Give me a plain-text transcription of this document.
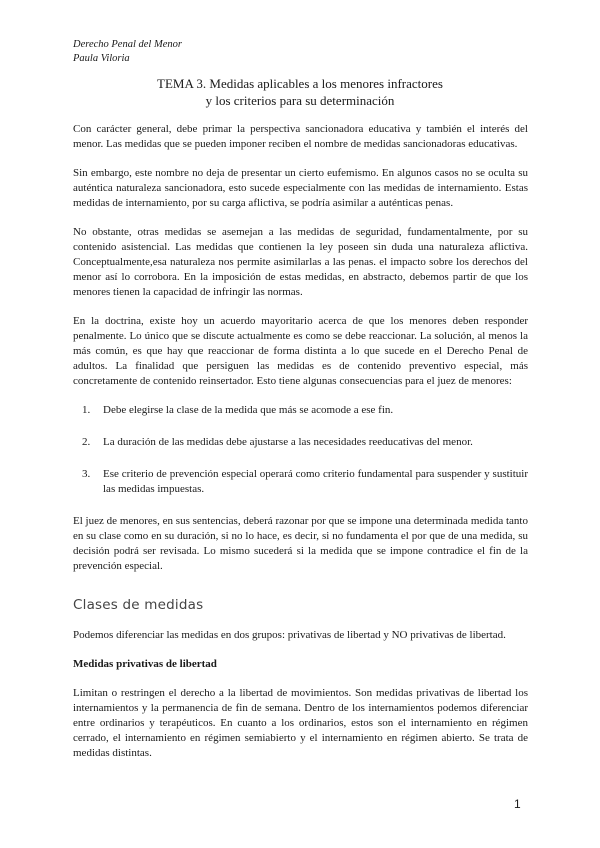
Derecho Penal del Menor
Paula Viloria
TEMA 3. Medidas aplicables a los menores infractores
y los criterios para su determinación

Con carácter general, debe primar la perspectiva sancionadora educativa y también el interés del menor. Las medidas que se pueden imponer reciben el nombre de medidas sancionadoras educativas.

Sin embargo, este nombre no deja de presentar un cierto eufemismo. En algunos casos no se oculta su auténtica naturaleza sancionadora, esto sucede especialmente con las medidas de internamiento. Estas medidas de internamiento, por su carga aflictiva, se podría asimilar a auténticas penas.

No obstante, otras medidas se asemejan a las medidas de seguridad, fundamentalmente, por su contenido asistencial. Las medidas que contienen la ley poseen sin duda una naturaleza aflictiva. Conceptualmente,esa naturaleza nos permite asimilarlas a las penas. el impacto sobre los derechos del menor así lo corrobora. En la imposición de estas medidas, en abstracto, debemos partir de que los menores tienen la capacidad de infringir las normas.

En la doctrina, existe hoy un acuerdo mayoritario acerca de que los menores deben responder penalmente. Lo único que se discute actualmente es como se debe reaccionar. La solución, al menos la más común, es que hay que reaccionar de forma distinta a lo que sucede en el Derecho Penal de adultos. La finalidad que persiguen las medidas es de contenido preventivo especial, más concretamente de contenido reinsertador. Esto tiene algunas consecuencias para el juez de menores:

1. Debe elegirse la clase de la medida que más se acomode a ese fin.
2. La duración de las medidas debe ajustarse a las necesidades reeducativas del menor.
3. Ese criterio de prevención especial operará como criterio fundamental para suspender y sustituir las medidas impuestas.

El juez de menores, en sus sentencias, deberá razonar por que se impone una determinada medida tanto en su clase como en su duración, si no lo hace, es decir, si no fundamenta el por que de una medida, su decisión podrá ser revisada. Lo mismo sucederá si la medida que se impone contradice el fin de la prevención especial.

Clases de medidas

Podemos diferenciar las medidas en dos grupos: privativas de libertad y NO privativas de libertad.

Medidas privativas de libertad

Limitan o restringen el derecho a la libertad de movimientos. Son medidas privativas de libertad los internamientos y la permanencia de fin de semana. Dentro de los internamientos podemos diferenciar entre ordinarios y terapéuticos. En cuanto a los ordinarios, estos son el internamiento en régimen cerrado, el internamiento en régimen semiabierto y el internamiento en régimen abierto. Se trata de medidas distintas.

1
